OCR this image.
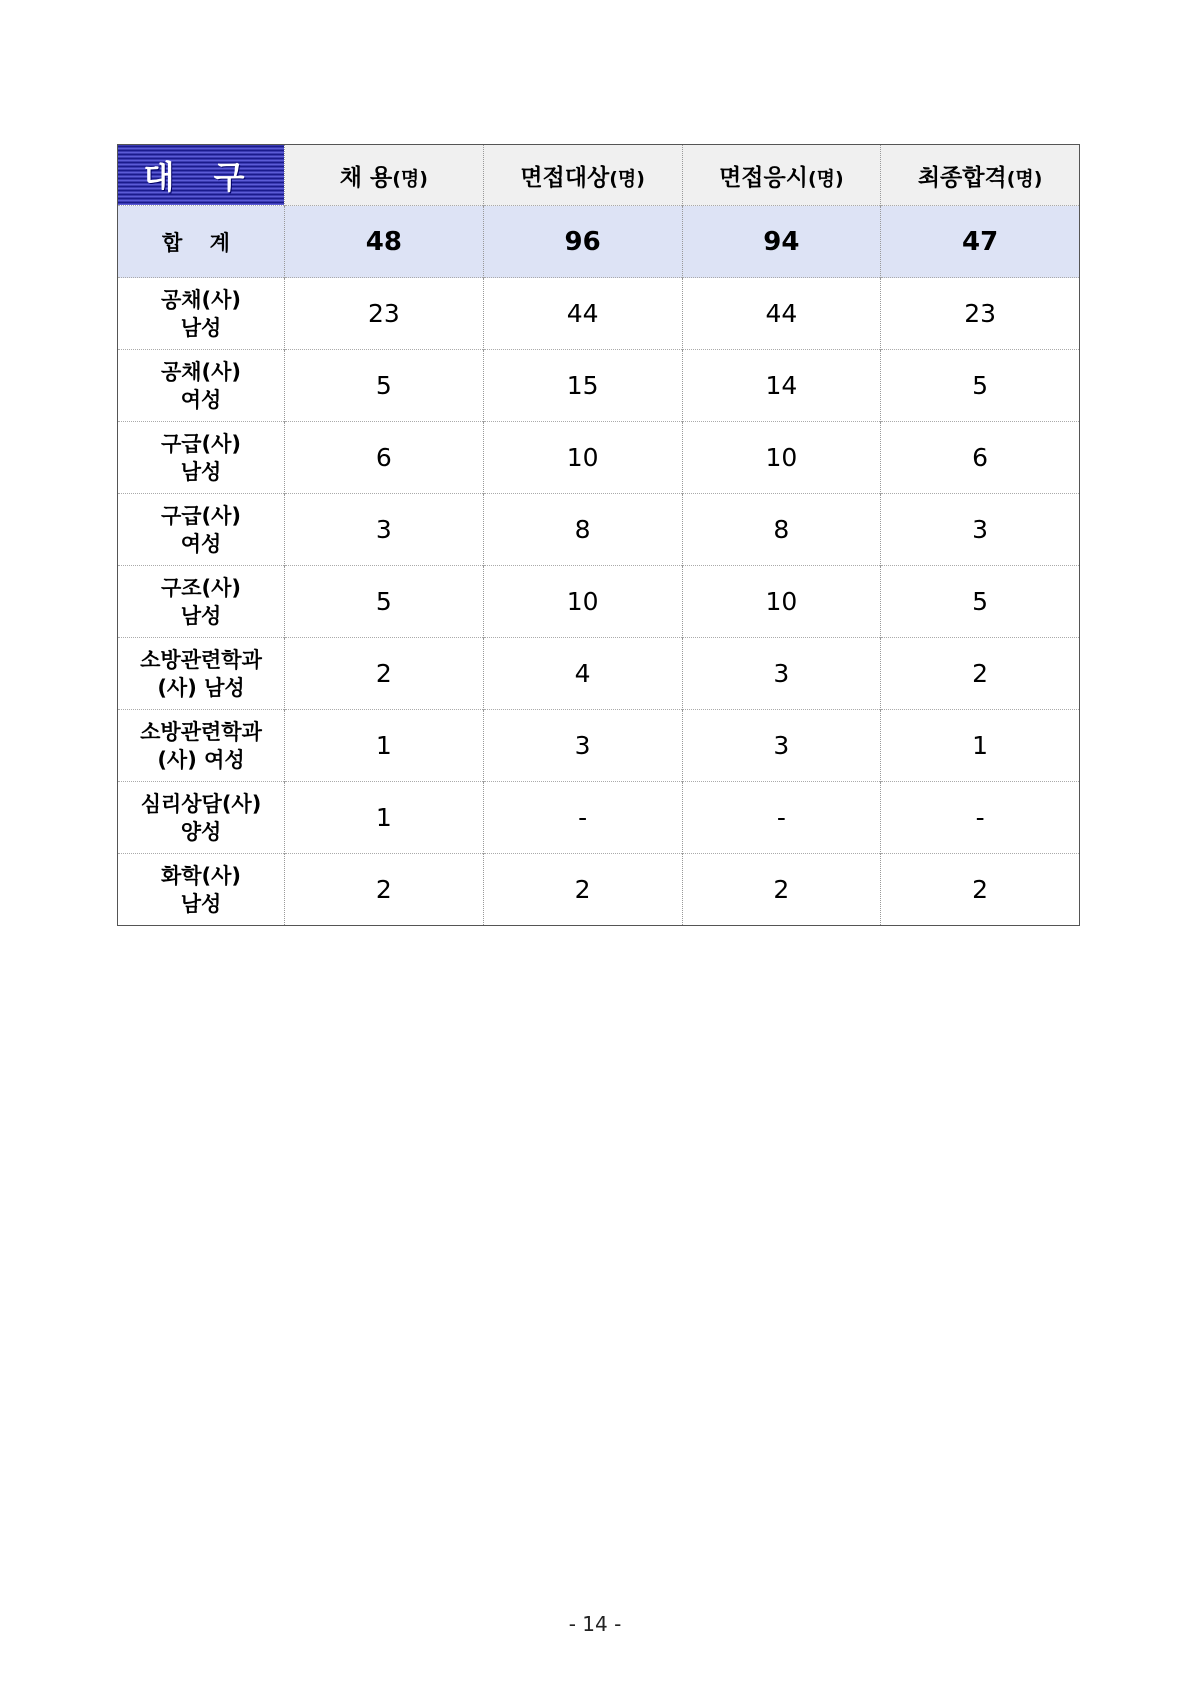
대 구	채 용(명)	면접대상(명)	면접응시(명)	최종합격(명)
합 계	48	96	94	47

공채(사)
남성	23	44	44	23

공채(사)
여성	5	15	14	5

구급(사)
남성	6	10	10	6

구급(사)
여성	3	8	8	3

구조(사)
남성	5	10	10	5

소방관련학과
(사) 남성	2	4	3	2

소방관련학과
(사) 여성	1	3	3	1

심리상담(사)
양성	1	-	-	-

화학(사)
남성	2	2	2	2
- 14 -
